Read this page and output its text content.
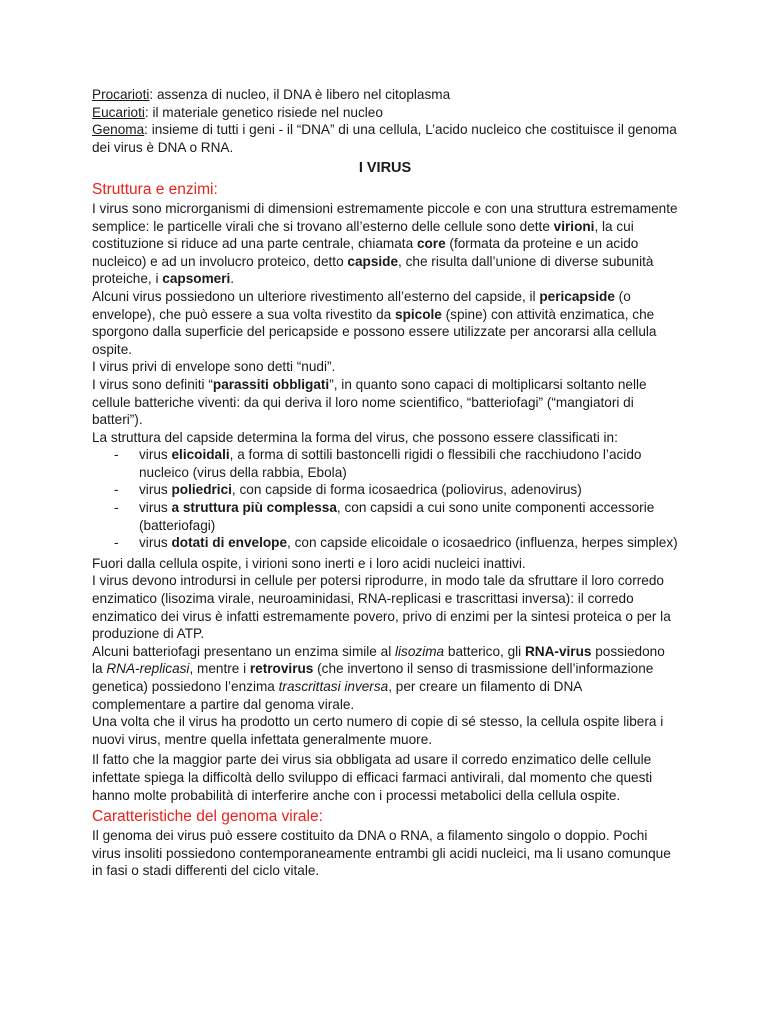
Procarioti: assenza di nucleo, il DNA è libero nel citoplasma

Eucarioti: il materiale genetico risiede nel nucleo

Genoma: insieme di tutti i geni - il “DNA” di una cellula, L’acido nucleico che costituisce il genoma dei virus è DNA o RNA.

I VIRUS

Struttura e enzimi:

I virus sono microrganismi di dimensioni estremamente piccole e con una struttura estremamente semplice: le particelle virali che si trovano all’esterno delle cellule sono dette virioni, la cui costituzione si riduce ad una parte centrale, chiamata core (formata da proteine e un acido nucleico) e ad un involucro proteico, detto capside, che risulta dall’unione di diverse subunità proteiche, i capsomeri.

Alcuni virus possiedono un ulteriore rivestimento all’esterno del capside, il pericapside (o envelope), che può essere a sua volta rivestito da spicole (spine) con attività enzimatica, che sporgono dalla superficie del pericapside e possono essere utilizzate per ancorarsi alla cellula ospite.

I virus privi di envelope sono detti “nudi”.

I virus sono definiti “parassiti obbligati”, in quanto sono capaci di moltiplicarsi soltanto nelle cellule batteriche viventi: da qui deriva il loro nome scientifico, “batteriofagi” (“mangiatori di batteri”).

La struttura del capside determina la forma del virus, che possono essere classificati in:

- virus elicoidali, a forma di sottili bastoncelli rigidi o flessibili che racchiudono l’acido nucleico (virus della rabbia, Ebola)
- virus poliedrici, con capside di forma icosaedrica (poliovirus, adenovirus)
- virus a struttura più complessa, con capsidi a cui sono unite componenti accessorie (batteriofagi)
- virus dotati di envelope, con capside elicoidale o icosaedrico (influenza, herpes simplex)

Fuori dalla cellula ospite, i virioni sono inerti e i loro acidi nucleici inattivi.

I virus devono introdursi in cellule per potersi riprodurre, in modo tale da sfruttare il loro corredo enzimatico (lisozima virale, neuroaminidasi, RNA-replicasi e trascrittasi inversa): il corredo enzimatico dei virus è infatti estremamente povero, privo di enzimi per la sintesi proteica o per la produzione di ATP.

Alcuni batteriofagi presentano un enzima simile al lisozima batterico, gli RNA-virus possiedono la RNA-replicasi, mentre i retrovirus (che invertono il senso di trasmissione dell’informazione genetica) possiedono l’enzima trascrittasi inversa, per creare un filamento di DNA complementare a partire dal genoma virale.

Una volta che il virus ha prodotto un certo numero di copie di sé stesso, la cellula ospite libera i nuovi virus, mentre quella infettata generalmente muore.

Il fatto che la maggior parte dei virus sia obbligata ad usare il corredo enzimatico delle cellule infettate spiega la difficoltà dello sviluppo di efficaci farmaci antivirali, dal momento che questi hanno molte probabilità di interferire anche con i processi metabolici della cellula ospite.

Caratteristiche del genoma virale:

Il genoma dei virus può essere costituito da DNA o RNA, a filamento singolo o doppio. Pochi virus insoliti possiedono contemporaneamente entrambi gli acidi nucleici, ma li usano comunque in fasi o stadi differenti del ciclo vitale.
